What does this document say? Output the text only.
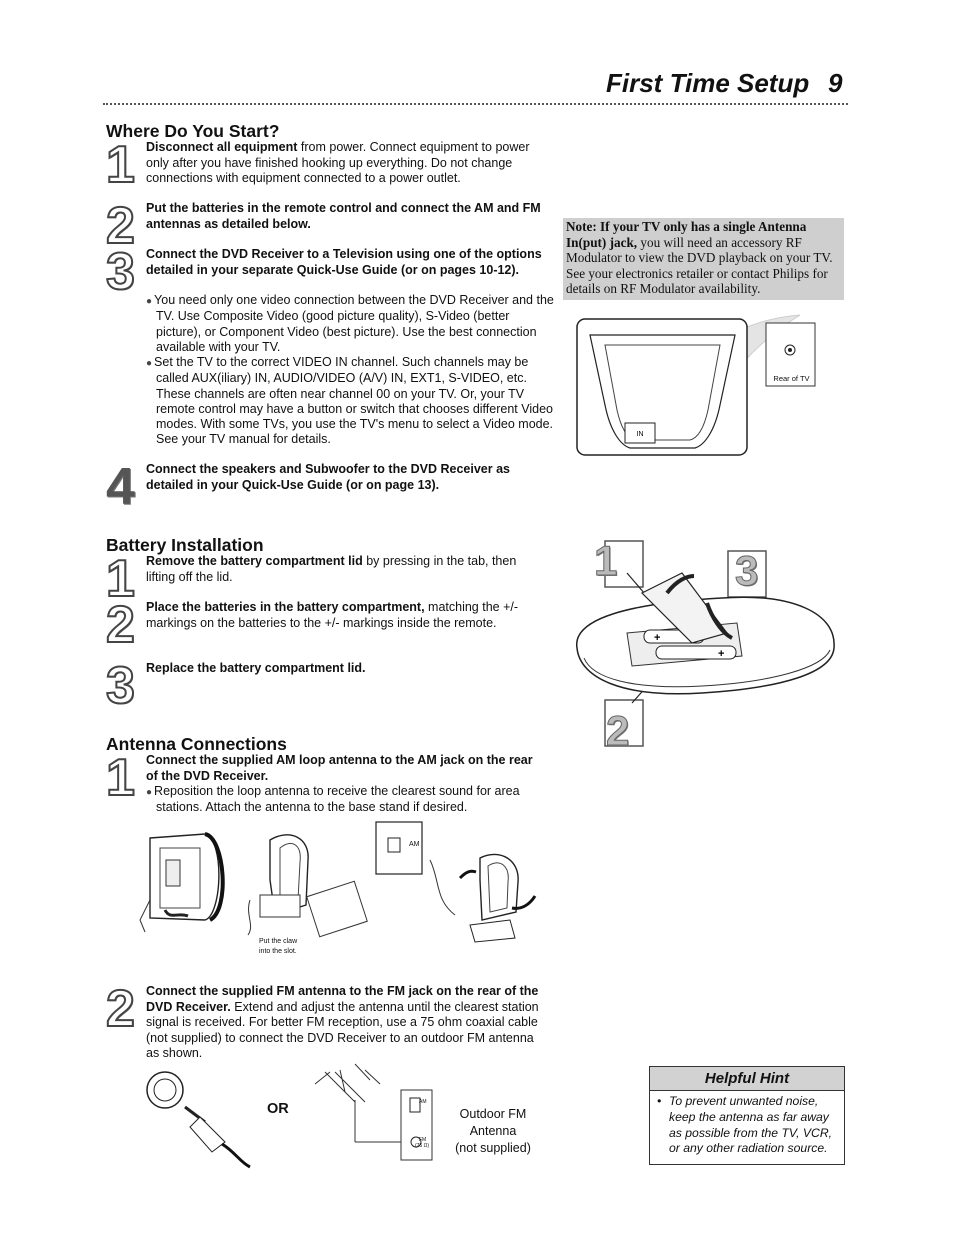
First Time Setup 9
Where Do You Start?
1 Disconnect all equipment from power. Connect equipment to power only after you have finished hooking up everything. Do not change connections with equipment connected to a power outlet.
2 Put the batteries in the remote control and connect the AM and FM antennas as detailed below.
3 Connect the DVD Receiver to a Television using one of the options detailed in your separate Quick-Use Guide (or on pages 10-12).
● You need only one video connection between the DVD Receiver and the TV. Use Composite Video (good picture quality), S-Video (better picture), or Component Video (best picture). Use the best connection available with your TV.
● Set the TV to the correct VIDEO IN channel. Such channels may be called AUX(iliary) IN, AUDIO/VIDEO (A/V) IN, EXT1, S-VIDEO, etc. These channels are often near channel 00 on your TV. Or, your TV remote control may have a button or switch that chooses different Video modes. With some TVs, you use the TV's menu to select a Video mode. See your TV manual for details.
4 Connect the speakers and Subwoofer to the DVD Receiver as detailed in your Quick-Use Guide (or on page 13).
Note: If your TV only has a single Antenna In(put) jack, you will need an accessory RF Modulator to view the DVD playback on your TV. See your electronics retailer or contact Philips for details on RF Modulator availability.
IN
Rear of TV
Battery Installation
1 Remove the battery compartment lid by pressing in the tab, then lifting off the lid.
2 Place the batteries in the battery compartment, matching the +/- markings on the batteries to the +/- markings inside the remote.
3 Replace the battery compartment lid.
+
+
1
2
3
Antenna Connections
1 Connect the supplied AM loop antenna to the AM jack on the rear of the DVD Receiver.
● Reposition the loop antenna to receive the clearest sound for area stations. Attach the antenna to the base stand if desired.
AM
Put the claw
into the slot.
2 Connect the supplied FM antenna to the FM jack on the rear of the DVD Receiver. Extend and adjust the antenna until the clearest station signal is received. For better FM reception, use a 75 ohm coaxial cable (not supplied) to connect the DVD Receiver to an outdoor FM antenna as shown.
OR	AM
FM
(75 Ω)
Outdoor FM
Antenna
(not supplied)
Helpful Hint
• To prevent unwanted noise, keep the antenna as far away as possible from the TV, VCR, or any other radiation source.
